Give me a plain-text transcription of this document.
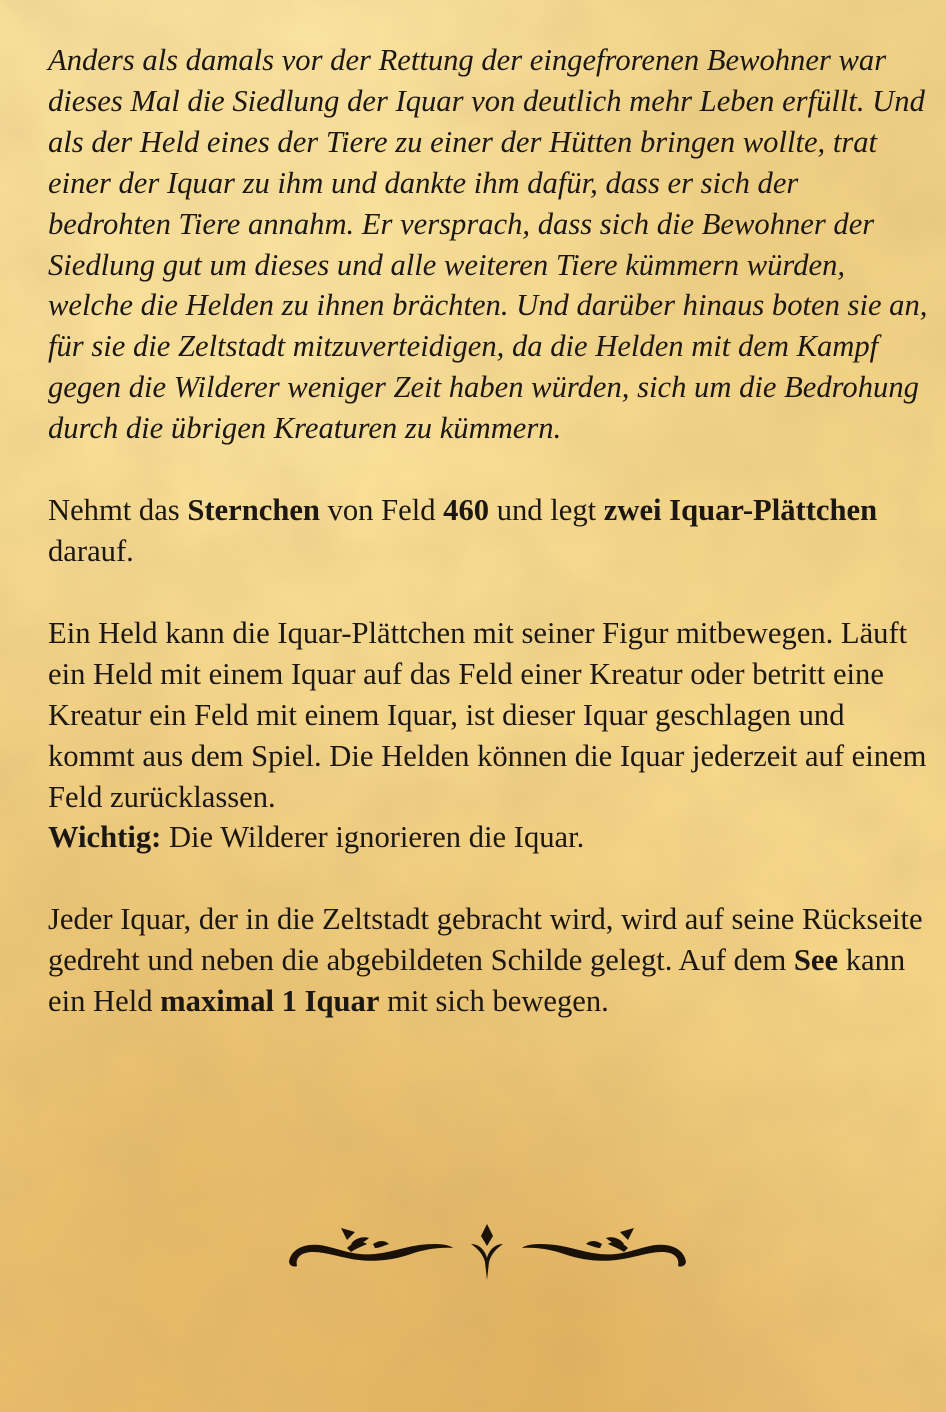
Anders als damals vor der Rettung der eingefrorenen Bewohner war dieses Mal die Siedlung der Iquar von deutlich mehr Leben erfüllt. Und als der Held eines der Tiere zu einer der Hütten bringen wollte, trat einer der Iquar zu ihm und dankte ihm dafür, dass er sich der bedrohten Tiere annahm. Er versprach, dass sich die Bewohner der Siedlung gut um dieses und alle weiteren Tiere kümmern würden, welche die Helden zu ihnen brächten. Und darüber hinaus boten sie an, für sie die Zeltstadt mitzuverteidigen, da die Helden mit dem Kampf gegen die Wilderer weniger Zeit haben würden, sich um die Bedrohung durch die übrigen Kreaturen zu kümmern.

Nehmt das Sternchen von Feld 460 und legt zwei Iquar-Plättchen darauf.

Ein Held kann die Iquar-Plättchen mit seiner Figur mitbewegen. Läuft ein Held mit einem Iquar auf das Feld einer Kreatur oder betritt eine Kreatur ein Feld mit einem Iquar, ist dieser Iquar geschlagen und kommt aus dem Spiel. Die Helden können die Iquar jederzeit auf einem Feld zurücklassen.

Wichtig: Die Wilderer ignorieren die Iquar.

Jeder Iquar, der in die Zeltstadt gebracht wird, wird auf seine Rückseite gedreht und neben die abgebildeten Schilde gelegt. Auf dem See kann ein Held maximal 1 Iquar mit sich bewegen.
